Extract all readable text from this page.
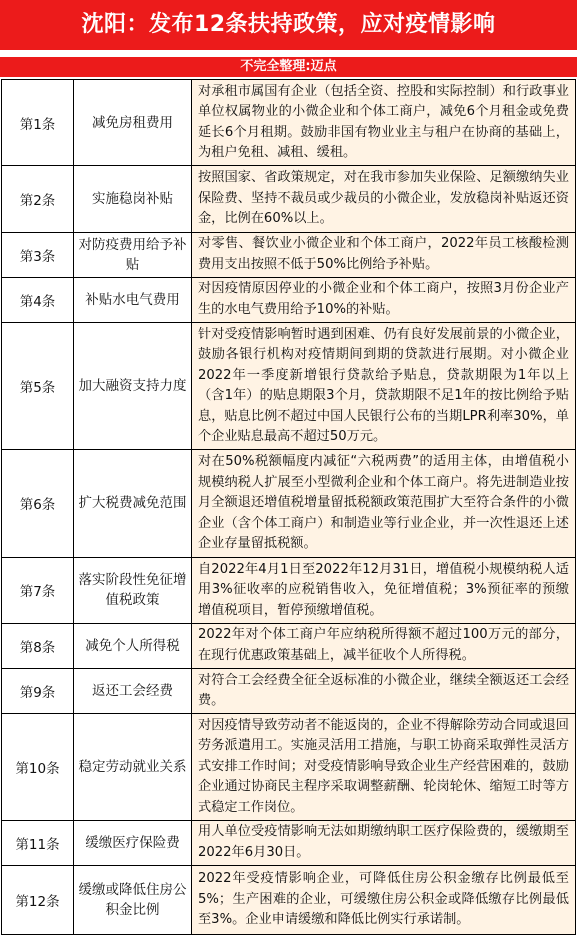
沈阳：发布12条扶持政策，应对疫情影响
不完全整理:迈点
第1条	减免房租费用	对承租市属国有企业（包括全资、控股和实际控制）和行政事业单位权属物业的小微企业和个体工商户，减免6个月租金或免费延长6个月租期。鼓励非国有物业业主与租户在协商的基础上，为租户免租、减租、缓租。
第2条	实施稳岗补贴	按照国家、省政策规定，对在我市参加失业保险、足额缴纳失业保险费、坚持不裁员或少裁员的小微企业，发放稳岗补贴返还资金，比例在60%以上。
第3条	对防疫费用给予补贴	对零售、餐饮业小微企业和个体工商户，2022年员工核酸检测费用支出按照不低于50%比例给予补贴。
第4条	补贴水电气费用	对因疫情原因停业的小微企业和个体工商户，按照3月份企业产生的水电气费用给予10%的补贴。
第5条	加大融资支持力度	针对受疫情影响暂时遇到困难、仍有良好发展前景的小微企业，鼓励各银行机构对疫情期间到期的贷款进行展期。对小微企业2022年一季度新增银行贷款给予贴息，贷款期限为1年以上（含1年）的贴息期限3个月，贷款期限不足1年的按比例给予贴息，贴息比例不超过中国人民银行公布的当期LPR利率30%，单个企业贴息最高不超过50万元。
第6条	扩大税费减免范围	对在50%税额幅度内减征“六税两费”的适用主体，由增值税小规模纳税人扩展至小型微利企业和个体工商户。将先进制造业按月全额退还增值税增量留抵税额政策范围扩大至符合条件的小微企业（含个体工商户）和制造业等行业企业，并一次性退还上述企业存量留抵税额。
第7条	落实阶段性免征增值税政策	自2022年4月1日至2022年12月31日，增值税小规模纳税人适用3%征收率的应税销售收入，免征增值税；3%预征率的预缴增值税项目，暂停预缴增值税。
第8条	减免个人所得税	2022年对个体工商户年应纳税所得额不超过100万元的部分，在现行优惠政策基础上，减半征收个人所得税。
第9条	返还工会经费	对符合工会经费全征全返标准的小微企业，继续全额返还工会经费。
第10条	稳定劳动就业关系	对因疫情导致劳动者不能返岗的，企业不得解除劳动合同或退回劳务派遣用工。实施灵活用工措施，与职工协商采取弹性灵活方式安排工作时间；对受疫情影响导致企业生产经营困难的，鼓励企业通过协商民主程序采取调整薪酬、轮岗轮休、缩短工时等方式稳定工作岗位。
第11条	缓缴医疗保险费	用人单位受疫情影响无法如期缴纳职工医疗保险费的，缓缴期至2022年6月30日。
第12条	缓缴或降低住房公积金比例	2022年受疫情影响企业，可降低住房公积金缴存比例最低至5%；生产困难的企业，可缓缴住房公积金或降低缴存比例最低至3%。企业申请缓缴和降低比例实行承诺制。
